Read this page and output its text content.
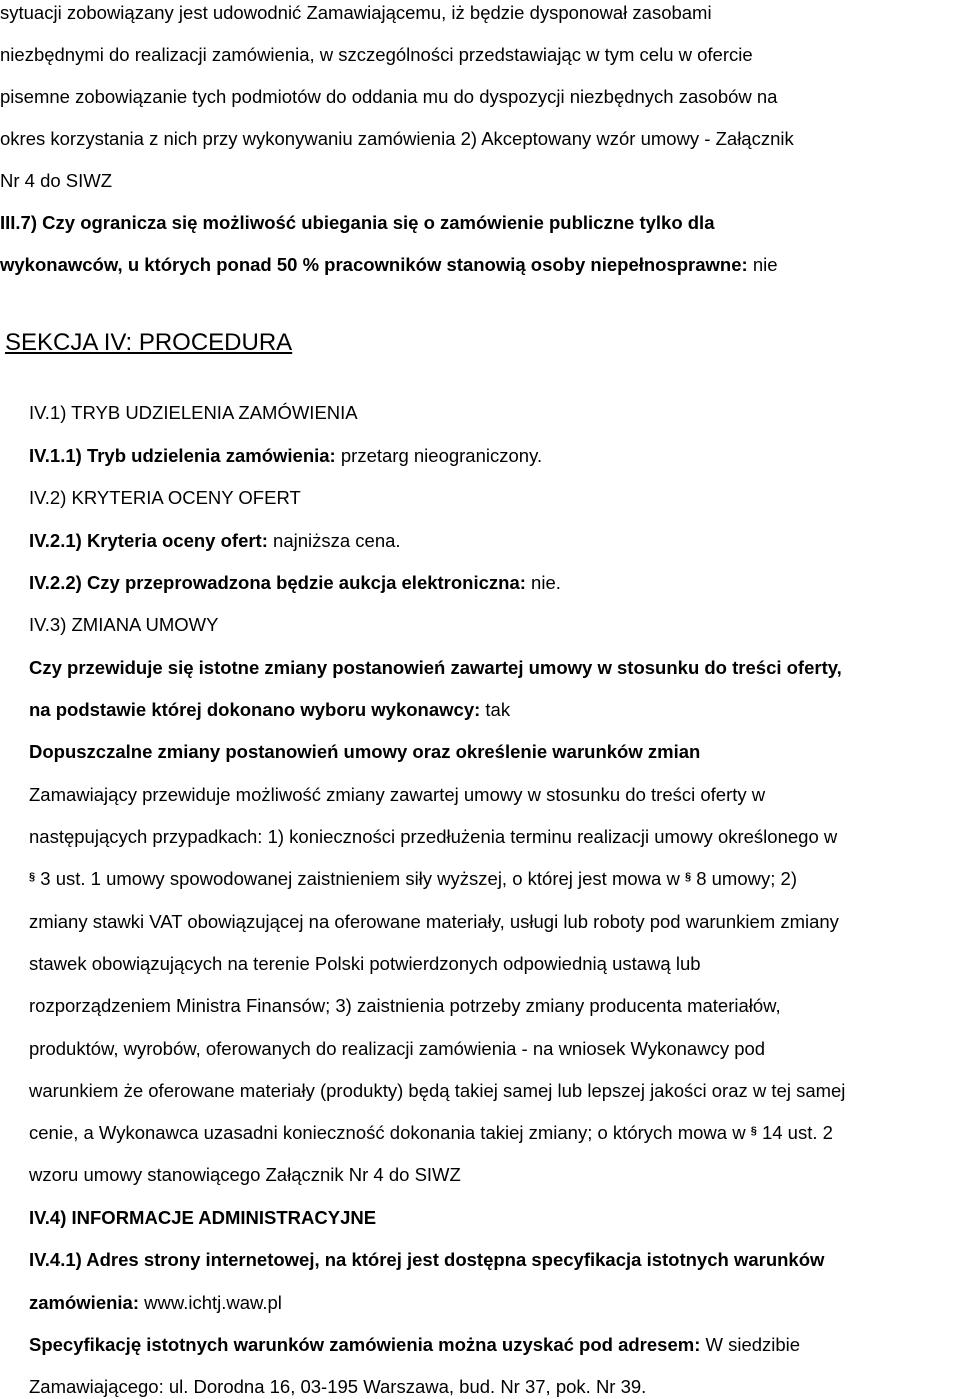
sytuacji zobowiązany jest udowodnić Zamawiającemu, iż będzie dysponował zasobami
niezbędnymi do realizacji zamówienia, w szczególności przedstawiając w tym celu w ofercie
pisemne zobowiązanie tych podmiotów do oddania mu do dyspozycji niezbędnych zasobów na
okres korzystania z nich przy wykonywaniu zamówienia 2) Akceptowany wzór umowy - Załącznik
Nr 4 do SIWZ
III.7) Czy ogranicza się możliwość ubiegania się o zamówienie publiczne tylko dla
wykonawców, u których ponad 50 % pracowników stanowią osoby niepełnosprawne: nie
SEKCJA IV: PROCEDURA
IV.1) TRYB UDZIELENIA ZAMÓWIENIA
IV.1.1) Tryb udzielenia zamówienia: przetarg nieograniczony.
IV.2) KRYTERIA OCENY OFERT
IV.2.1) Kryteria oceny ofert: najniższa cena.
IV.2.2) Czy przeprowadzona będzie aukcja elektroniczna: nie.
IV.3) ZMIANA UMOWY
Czy przewiduje się istotne zmiany postanowień zawartej umowy w stosunku do treści oferty,
na podstawie której dokonano wyboru wykonawcy: tak
Dopuszczalne zmiany postanowień umowy oraz określenie warunków zmian
Zamawiający przewiduje możliwość zmiany zawartej umowy w stosunku do treści oferty w
następujących przypadkach: 1) konieczności przedłużenia terminu realizacji umowy określonego w
§ 3 ust. 1 umowy spowodowanej zaistnieniem siły wyższej, o której jest mowa w § 8 umowy; 2)
zmiany stawki VAT obowiązującej na oferowane materiały, usługi lub roboty pod warunkiem zmiany
stawek obowiązujących na terenie Polski potwierdzonych odpowiednią ustawą lub
rozporządzeniem Ministra Finansów; 3) zaistnienia potrzeby zmiany producenta materiałów,
produktów, wyrobów, oferowanych do realizacji zamówienia - na wniosek Wykonawcy pod
warunkiem że oferowane materiały (produkty) będą takiej samej lub lepszej jakości oraz w tej samej
cenie, a Wykonawca uzasadni konieczność dokonania takiej zmiany; o których mowa w § 14 ust. 2
wzoru umowy stanowiącego Załącznik Nr 4 do SIWZ
IV.4) INFORMACJE ADMINISTRACYJNE
IV.4.1) Adres strony internetowej, na której jest dostępna specyfikacja istotnych warunków
zamówienia: www.ichtj.waw.pl
Specyfikację istotnych warunków zamówienia można uzyskać pod adresem: W siedzibie
Zamawiającego: ul. Dorodna 16, 03-195 Warszawa, bud. Nr 37, pok. Nr 39.
